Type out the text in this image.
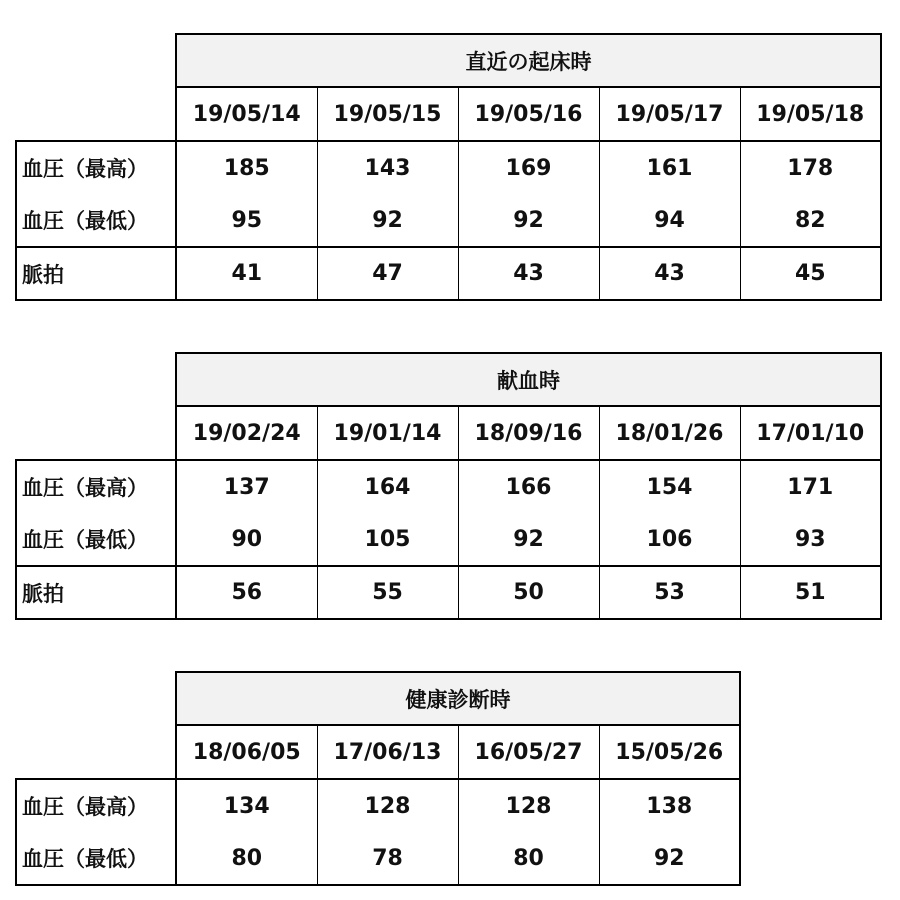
	直近の起床時				
	19/05/14	19/05/15	19/05/16	19/05/17	19/05/18
血圧（最高）	185	143	169	161	178
血圧（最低）	95	92	92	94	82
脈拍	41	47	43	43	45
	献血時				
	19/02/24	19/01/14	18/09/16	18/01/26	17/01/10
血圧（最高）	137	164	166	154	171
血圧（最低）	90	105	92	106	93
脈拍	56	55	50	53	51
	健康診断時			
	18/06/05	17/06/13	16/05/27	15/05/26
血圧（最高）	134	128	128	138
血圧（最低）	80	78	80	92
